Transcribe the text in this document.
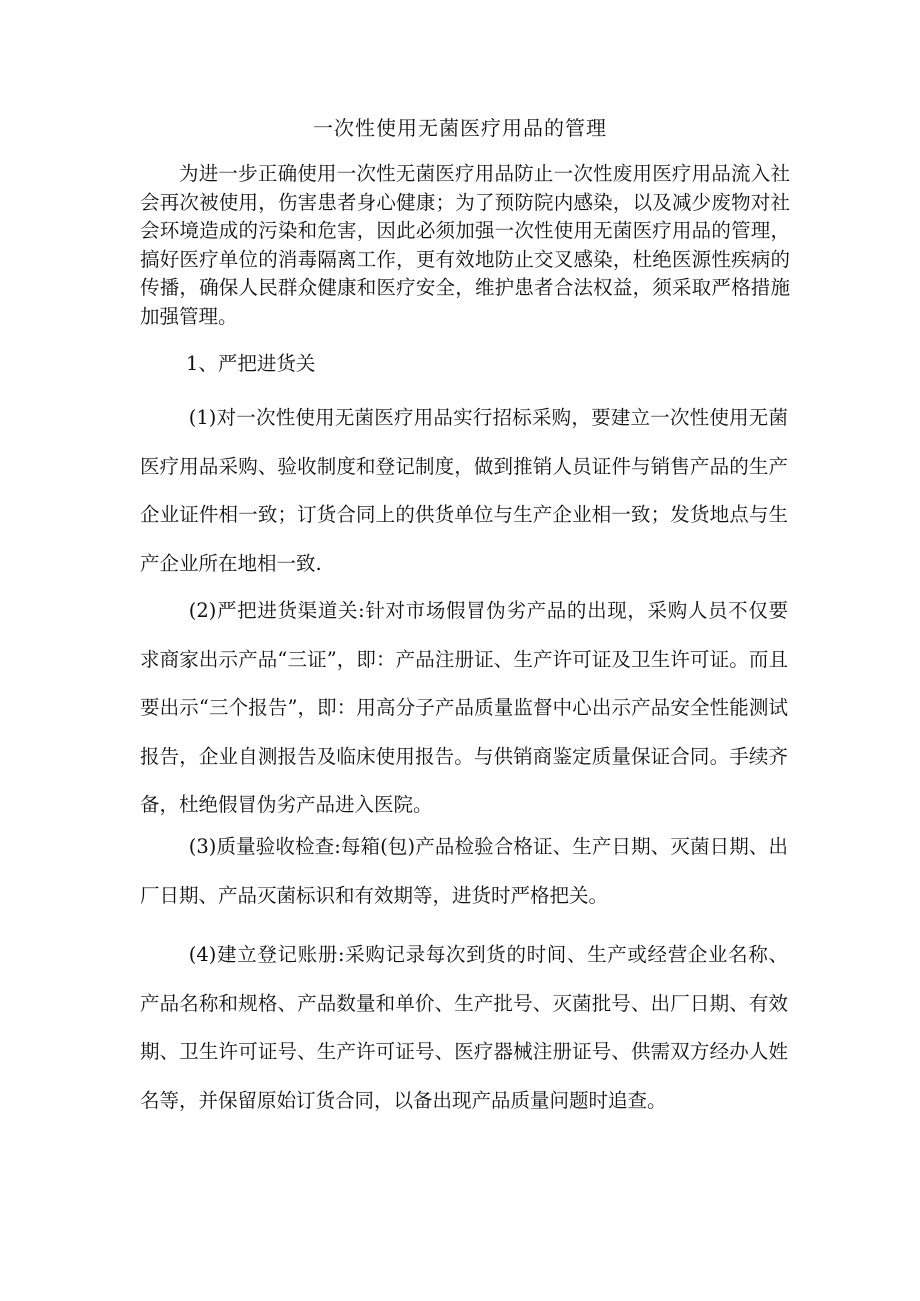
一次性使用无菌医疗用品的管理

为进一步正确使用一次性无菌医疗用品防止一次性废用医疗用品流入社会再次被使用，伤害患者身心健康；为了预防院内感染，以及减少废物对社会环境造成的污染和危害，因此必须加强一次性使用无菌医疗用品的管理，搞好医疗单位的消毒隔离工作，更有效地防止交叉感染，杜绝医源性疾病的传播，确保人民群众健康和医疗安全，维护患者合法权益，须采取严格措施加强管理。

1、严把进货关

(1)对一次性使用无菌医疗用品实行招标采购，要建立一次性使用无菌医疗用品采购、验收制度和登记制度，做到推销人员证件与销售产品的生产企业证件相一致；订货合同上的供货单位与生产企业相一致；发货地点与生产企业所在地相一致.

(2)严把进货渠道关:针对市场假冒伪劣产品的出现，采购人员不仅要求商家出示产品“三证”，即：产品注册证、生产许可证及卫生许可证。而且要出示“三个报告”，即：用高分子产品质量监督中心出示产品安全性能测试报告，企业自测报告及临床使用报告。与供销商鉴定质量保证合同。手续齐备，杜绝假冒伪劣产品进入医院。

(3)质量验收检查:每箱(包)产品检验合格证、生产日期、灭菌日期、出厂日期、产品灭菌标识和有效期等，进货时严格把关。

(4)建立登记账册:采购记录每次到货的时间、生产或经营企业名称、产品名称和规格、产品数量和单价、生产批号、灭菌批号、出厂日期、有效期、卫生许可证号、生产许可证号、医疗器械注册证号、供需双方经办人姓名等，并保留原始订货合同，以备出现产品质量问题时追查。
